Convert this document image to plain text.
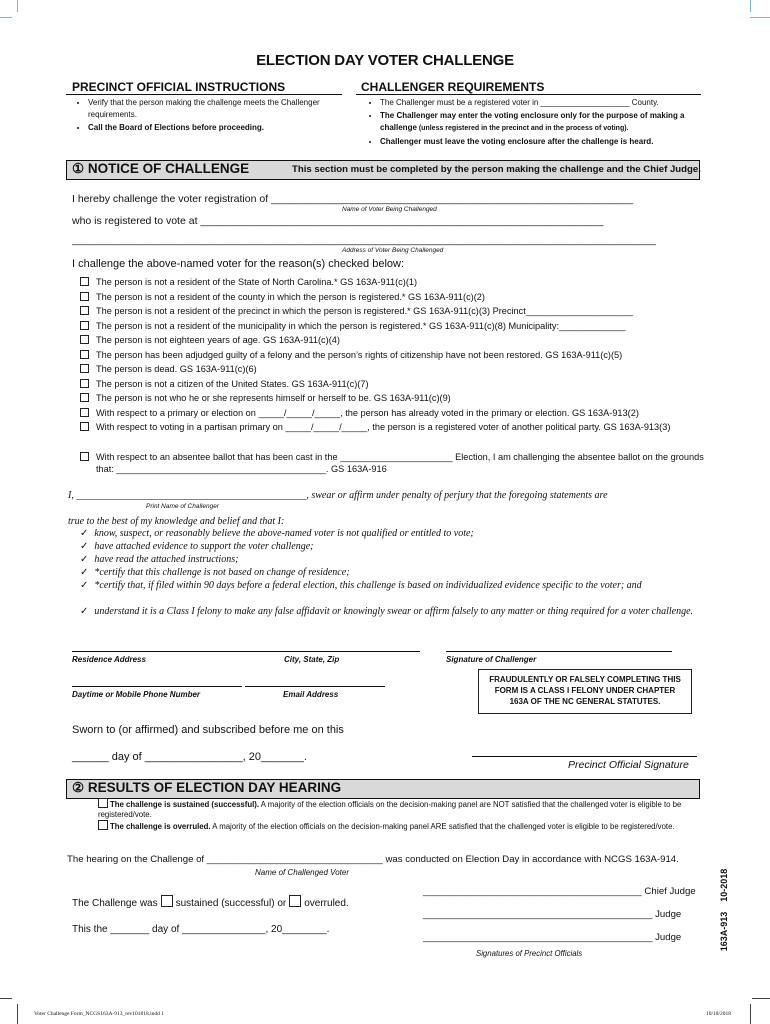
ELECTION DAY VOTER CHALLENGE
PRECINCT OFFICIAL INSTRUCTIONS
• Verify that the person making the challenge meets the Challenger requirements.
• Call the Board of Elections before proceeding.
CHALLENGER REQUIREMENTS
• The Challenger must be a registered voter in ____________________ County.
• The Challenger may enter the voting enclosure only for the purpose of making a challenge (unless registered in the precinct and in the process of voting).
• Challenger must leave the voting enclosure after the challenge is heard.
① NOTICE OF CHALLENGE	This section must be completed by the person making the challenge and the Chief Judge.
I hereby challenge the voter registration of ______________________________________________________________
Name of Voter Being Challenged
who is registered to vote at _____________________________________________________________________
____________________________________________________________________________________________________
Address of Voter Being Challenged
I challenge the above-named voter for the reason(s) checked below:
The person is not a resident of the State of North Carolina.* GS 163A-911(c)(1)
The person is not a resident of the county in which the person is registered.* GS 163A-911(c)(2)
The person is not a resident of the precinct in which the person is registered.* GS 163A-911(c)(3) Precinct_____________________
The person is not a resident of the municipality in which the person is registered.* GS 163A-911(c)(8) Municipality:_____________
The person is not eighteen years of age. GS 163A-911(c)(4)
The person has been adjudged guilty of a felony and the person’s rights of citizenship have not been restored. GS 163A-911(c)(5)
The person is dead. GS 163A-911(c)(6)
The person is not a citizen of the United States. GS 163A-911(c)(7)
The person is not who he or she represents himself or herself to be. GS 163A-911(c)(9)
With respect to a primary or election on _____/_____/_____, the person has already voted in the primary or election. GS 163A-913(2)
With respect to voting in a partisan primary on _____/_____/_____, the person is a registered voter of another political party. GS 163A-913(3)
With respect to an absentee ballot that has been cast in the ______________________ Election, I am challenging the absentee ballot on the grounds that: _________________________________________. GS 163A-916
I, ______________________________________________, swear or affirm under penalty of perjury that the foregoing statements are
Print Name of Challenger
true to the best of my knowledge and belief and that I:
✓ know, suspect, or reasonably believe the above-named voter is not qualified or entitled to vote;
✓ have attached evidence to support the voter challenge;
✓ have read the attached instructions;
✓ *certify that this challenge is not based on change of residence;
✓ *certify that, if filed within 90 days before a federal election, this challenge is based on individualized evidence specific to the voter; and
✓ understand it is a Class I felony to make any false affidavit or knowingly swear or affirm falsely to any matter or thing required for a voter challenge.
Residence Address	City, State, Zip	Signature of Challenger
Daytime or Mobile Phone Number	Email Address
FRAUDULENTLY OR FALSELY COMPLETING THIS FORM IS A CLASS I FELONY UNDER CHAPTER 163A OF THE NC GENERAL STATUTES.
Sworn to (or affirmed) and subscribed before me on this
______ day of ________________, 20_______.
Precinct Official Signature
② RESULTS OF ELECTION DAY HEARING
The challenge is sustained (successful). A majority of the election officials on the decision-making panel are NOT satisfied that the challenged voter is eligible to be registered/vote.
The challenge is overruled. A majority of the election officials on the decision-making panel ARE satisfied that the challenged voter is eligible to be registered/vote.
The hearing on the Challenge of _________________________________ was conducted on Election Day in accordance with NCGS 163A-914.
Name of Challenged Voter
The Challenge was sustained (successful) or overruled.
This the _______ day of _______________, 20________.
_________________________________________ Chief Judge
___________________________________________ Judge
___________________________________________ Judge
Signatures of Precinct Officials
163A-913    10-2018
Voter Challenge Form_NCGS163A-913_rev101818.indd 1	10/18/2018
